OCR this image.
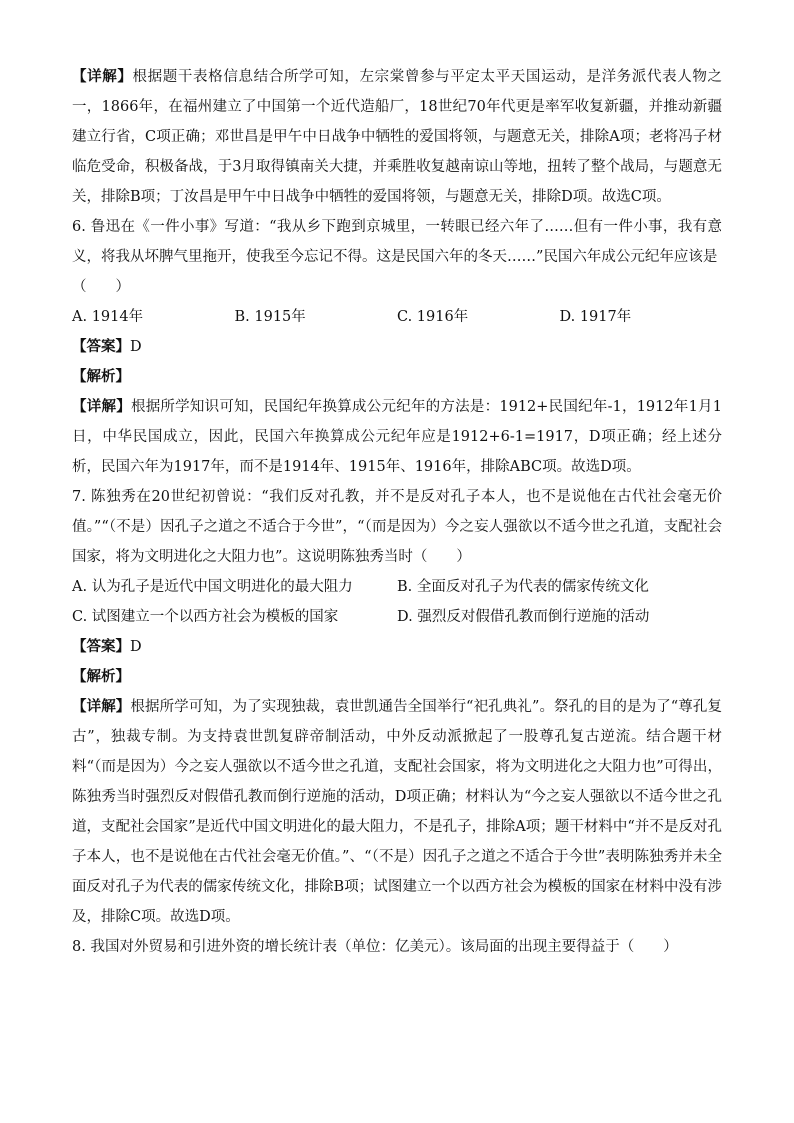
【详解】根据题干表格信息结合所学可知，左宗棠曾参与平定太平天国运动，是洋务派代表人物之一，1866年，在福州建立了中国第一个近代造船厂，18世纪70年代更是率军收复新疆，并推动新疆建立行省，C项正确；邓世昌是甲午中日战争中牺牲的爱国将领，与题意无关，排除A项；老将冯子材临危受命，积极备战，于3月取得镇南关大捷，并乘胜收复越南谅山等地，扭转了整个战局，与题意无关，排除B项；丁汝昌是甲午中日战争中牺牲的爱国将领，与题意无关，排除D项。故选C项。

6. 鲁迅在《一件小事》写道：“我从乡下跑到京城里，一转眼已经六年了……但有一件小事，我有意义，将我从坏脾气里拖开，使我至今忘记不得。这是民国六年的冬天……”民国六年成公元纪年应该是

（　　）

A. 1914年	B. 1915年	C. 1916年	D. 1917年

【答案】D

【解析】

【详解】根据所学知识可知，民国纪年换算成公元纪年的方法是：1912+民国纪年-1，1912年1月1日，中华民国成立，因此，民国六年换算成公元纪年应是1912+6-1=1917，D项正确；经上述分析，民国六年为1917年，而不是1914年、1915年、1916年，排除ABC项。故选D项。

7. 陈独秀在20世纪初曾说：“我们反对孔教，并不是反对孔子本人，也不是说他在古代社会毫无价值。”“（不是）因孔子之道之不适合于今世”，“（而是因为）今之妄人强欲以不适今世之孔道，支配社会国家，将为文明进化之大阻力也”。这说明陈独秀当时（　　）

A. 认为孔子是近代中国文明进化的最大阻力	B. 全面反对孔子为代表的儒家传统文化
C. 试图建立一个以西方社会为模板的国家	D. 强烈反对假借孔教而倒行逆施的活动

【答案】D

【解析】

【详解】根据所学可知，为了实现独裁，袁世凯通告全国举行“祀孔典礼”。祭孔的目的是为了“尊孔复古”，独裁专制。为支持袁世凯复辟帝制活动，中外反动派掀起了一股尊孔复古逆流。结合题干材料“（而是因为）今之妄人强欲以不适今世之孔道，支配社会国家，将为文明进化之大阻力也”可得出，陈独秀当时强烈反对假借孔教而倒行逆施的活动，D项正确；材料认为“今之妄人强欲以不适今世之孔道，支配社会国家”是近代中国文明进化的最大阻力，不是孔子，排除A项；题干材料中“并不是反对孔子本人，也不是说他在古代社会毫无价值。”、“（不是）因孔子之道之不适合于今世”表明陈独秀并未全面反对孔子为代表的儒家传统文化，排除B项；试图建立一个以西方社会为模板的国家在材料中没有涉及，排除C项。故选D项。

8. 我国对外贸易和引进外资的增长统计表（单位：亿美元）。该局面的出现主要得益于（　　）
